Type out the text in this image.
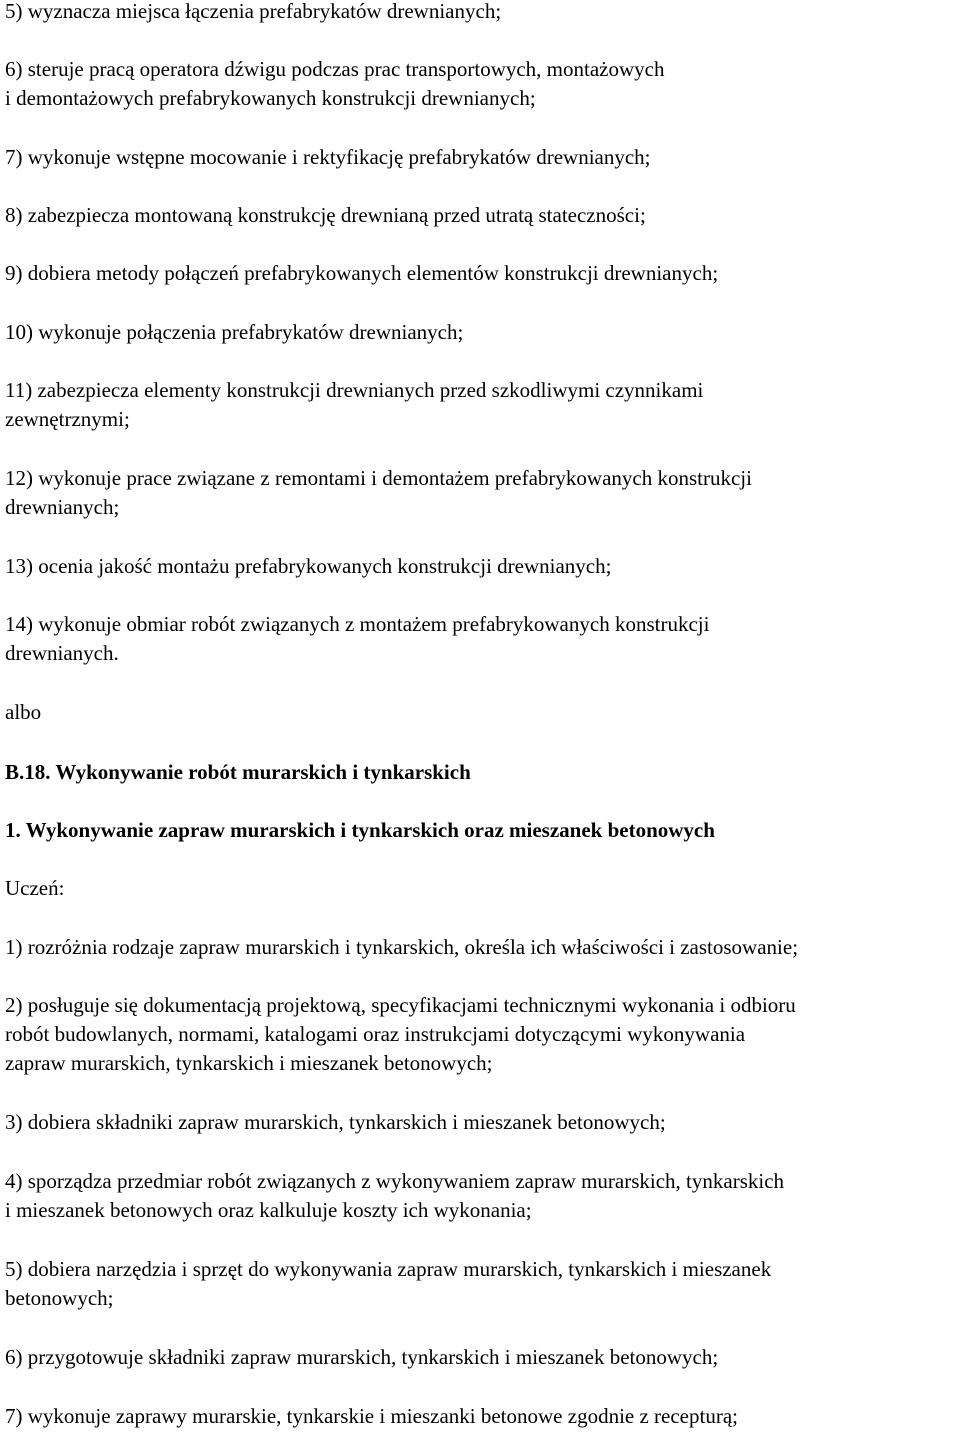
5) wyznacza miejsca łączenia prefabrykatów drewnianych;
6) steruje pracą operatora dźwigu podczas prac transportowych, montażowych
i demontażowych prefabrykowanych konstrukcji drewnianych;
7) wykonuje wstępne mocowanie i rektyfikację prefabrykatów drewnianych;
8) zabezpiecza montowaną konstrukcję drewnianą przed utratą stateczności;
9) dobiera metody połączeń prefabrykowanych elementów konstrukcji drewnianych;
10) wykonuje połączenia prefabrykatów drewnianych;
11) zabezpiecza elementy konstrukcji drewnianych przed szkodliwymi czynnikami
zewnętrznymi;
12) wykonuje prace związane z remontami i demontażem prefabrykowanych konstrukcji
drewnianych;
13) ocenia jakość montażu prefabrykowanych konstrukcji drewnianych;
14) wykonuje obmiar robót związanych z montażem prefabrykowanych konstrukcji
drewnianych.
albo
B.18. Wykonywanie robót murarskich i tynkarskich
1. Wykonywanie zapraw murarskich i tynkarskich oraz mieszanek betonowych
Uczeń:
1) rozróżnia rodzaje zapraw murarskich i tynkarskich, określa ich właściwości i zastosowanie;
2) posługuje się dokumentacją projektową, specyfikacjami technicznymi wykonania i odbioru
robót budowlanych, normami, katalogami oraz instrukcjami dotyczącymi wykonywania
zapraw murarskich, tynkarskich i mieszanek betonowych;
3) dobiera składniki zapraw murarskich, tynkarskich i mieszanek betonowych;
4) sporządza przedmiar robót związanych z wykonywaniem zapraw murarskich, tynkarskich
i mieszanek betonowych oraz kalkuluje koszty ich wykonania;
5) dobiera narzędzia i sprzęt do wykonywania zapraw murarskich, tynkarskich i mieszanek
betonowych;
6) przygotowuje składniki zapraw murarskich, tynkarskich i mieszanek betonowych;
7) wykonuje zaprawy murarskie, tynkarskie i mieszanki betonowe zgodnie z recepturą;
